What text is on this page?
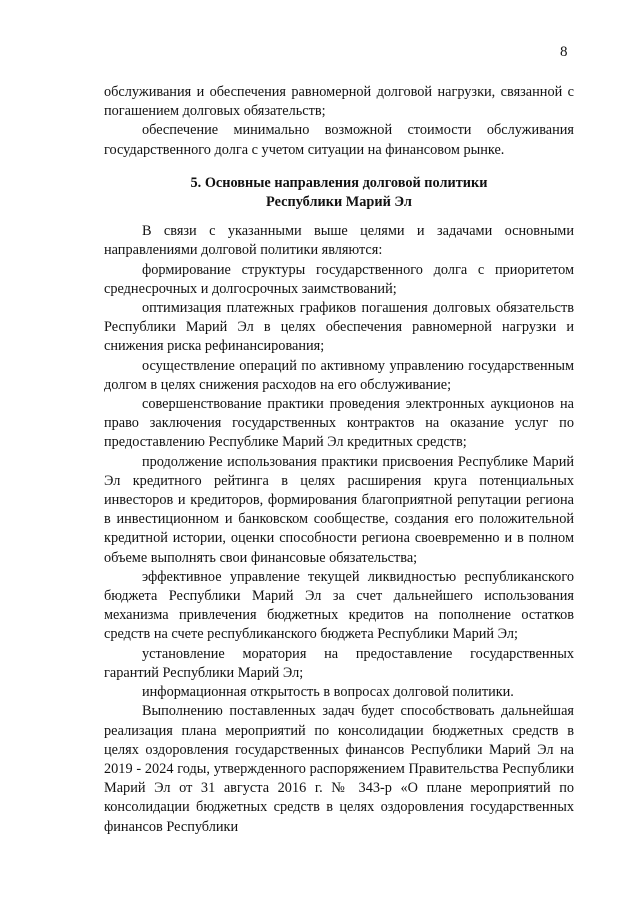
8

обслуживания и обеспечения равномерной долговой нагрузки, связанной с погашением долговых обязательств;

обеспечение минимально возможной стоимости обслуживания государственного долга с учетом ситуации на финансовом рынке.

5. Основные направления долговой политики
Республики Марий Эл

В связи с указанными выше целями и задачами основными направлениями долговой политики являются:

формирование структуры государственного долга с приоритетом среднесрочных и долгосрочных заимствований;

оптимизация платежных графиков погашения долговых обязательств Республики Марий Эл в целях обеспечения равномерной нагрузки и снижения риска рефинансирования;

осуществление операций по активному управлению государственным долгом в целях снижения расходов на его обслуживание;

совершенствование практики проведения электронных аукционов на право заключения государственных контрактов на оказание услуг по предоставлению Республике Марий Эл кредитных средств;

продолжение использования практики присвоения Республике Марий Эл кредитного рейтинга в целях расширения круга потенциальных инвесторов и кредиторов, формирования благоприятной репутации региона в инвестиционном и банковском сообществе, создания его положительной кредитной истории, оценки способности региона своевременно и в полном объеме выполнять свои финансовые обязательства;

эффективное управление текущей ликвидностью республиканского бюджета Республики Марий Эл за счет дальнейшего использования механизма привлечения бюджетных кредитов на пополнение остатков средств на счете республиканского бюджета Республики Марий Эл;

установление моратория на предоставление государственных гарантий Республики Марий Эл;

информационная открытость в вопросах долговой политики.

Выполнению поставленных задач будет способствовать дальнейшая реализация плана мероприятий по консолидации бюджетных средств в целях оздоровления государственных финансов Республики Марий Эл на 2019 - 2024 годы, утвержденного распоряжением Правительства Республики Марий Эл от 31 августа 2016 г. № 343-р «О плане мероприятий по консолидации бюджетных средств в целях оздоровления государственных финансов Республики
